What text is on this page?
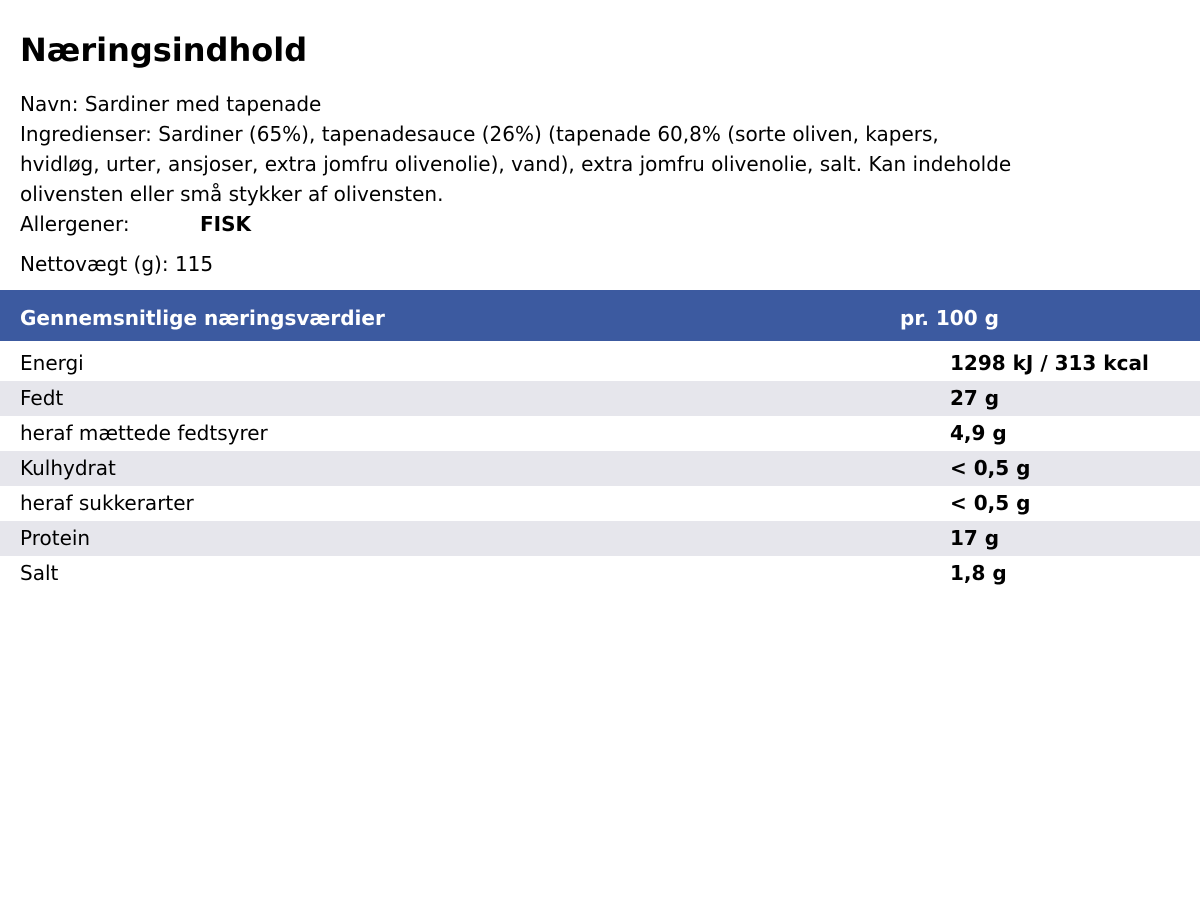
Næringsindhold

Navn: Sardiner med tapenade

Ingredienser: Sardiner (65%), tapenadesauce (26%) (tapenade 60,8% (sorte oliven, kapers,

hvidløg, urter, ansjoser, extra jomfru olivenolie), vand), extra jomfru olivenolie, salt. Kan indeholde

olivensten eller små stykker af olivensten.

Allergener:	FISK

Nettovægt (g): 115
Gennemsnitlige næringsværdier	pr. 100 g
Energi	1298 kJ / 313 kcal
Fedt	27 g
heraf mættede fedtsyrer	4,9 g
Kulhydrat	< 0,5 g
heraf sukkerarter	< 0,5 g
Protein	17 g
Salt	1,8 g
